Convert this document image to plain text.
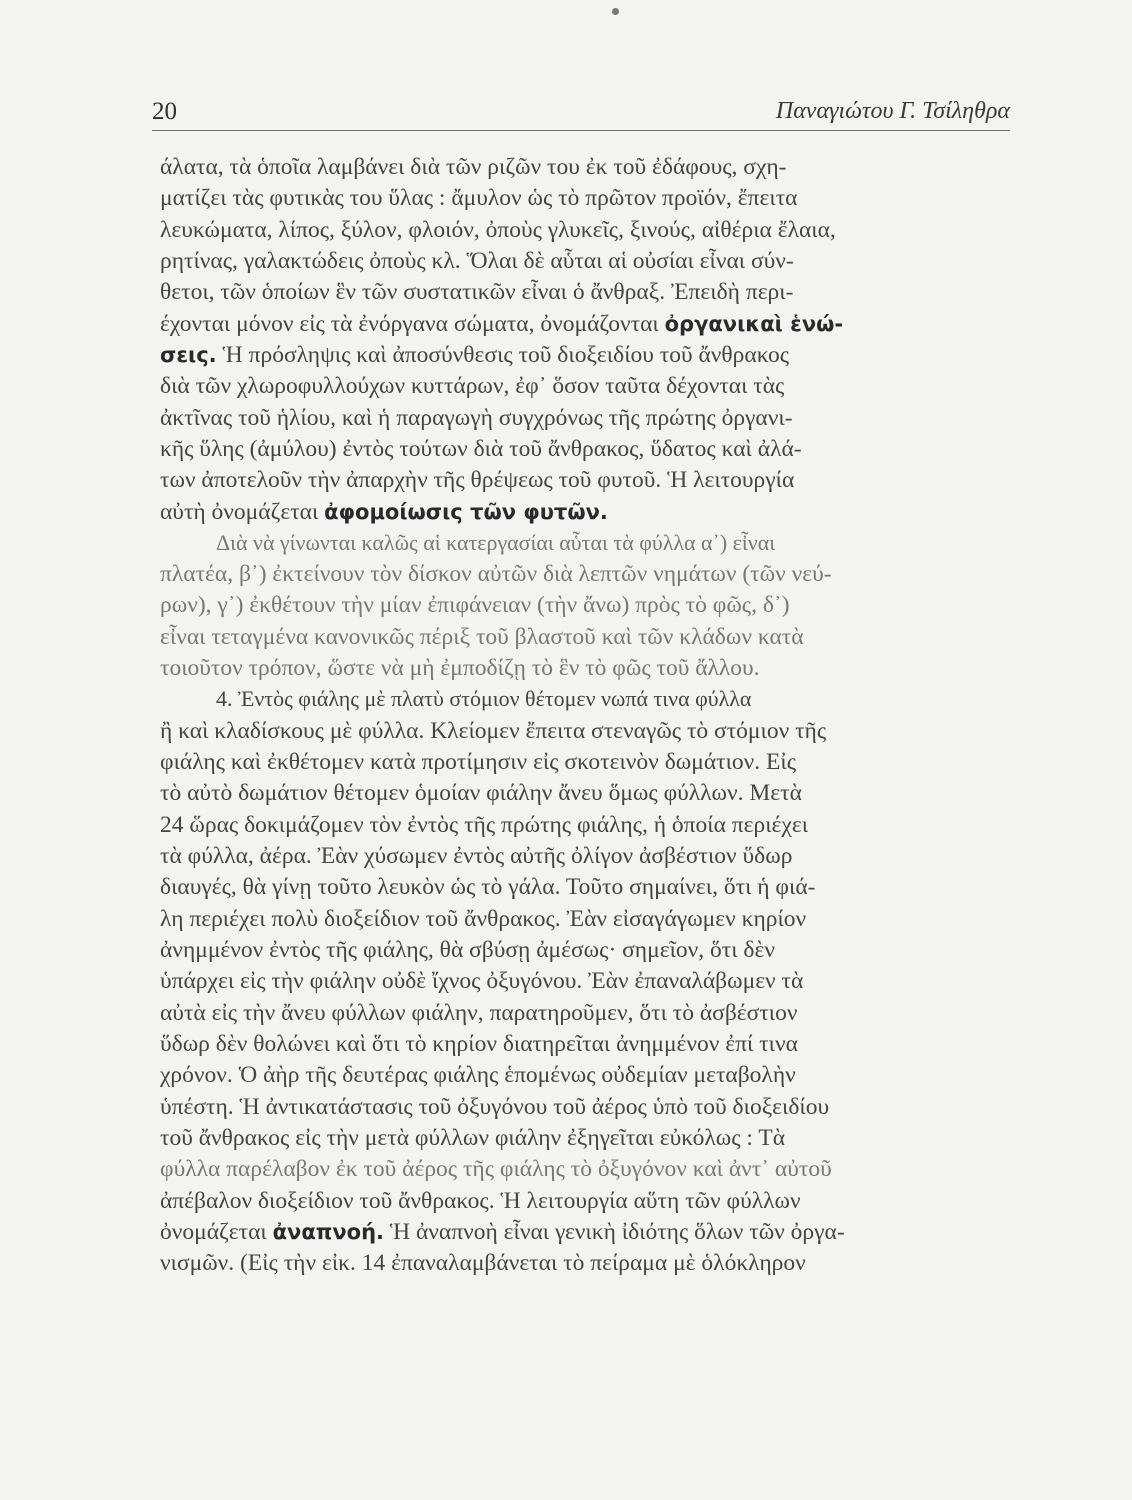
20	Παναγιώτου Γ. Τσίληθρα
άλατα, τὰ ὁποῖα λαμβάνει διὰ τῶν ριζῶν του ἐκ τοῦ ἐδάφους, σχη-
ματίζει τὰς φυτικὰς του ὕλας : ἄμυλον ὡς τὸ πρῶτον προϊόν, ἔπειτα
λευκώματα, λίπος, ξύλον, φλοιόν, ὀποὺς γλυκεῖς, ξινούς, αἰθέρια ἔλαια,
ρητίνας, γαλακτώδεις ὀποὺς κλ. Ὅλαι δὲ αὗται αἱ οὐσίαι εἶναι σύν-
θετοι, τῶν ὁποίων ἓν τῶν συστατικῶν εἶναι ὁ ἄνθραξ. Ἐπειδὴ περι-
έχονται μόνον εἰς τὰ ἐνόργανα σώματα, ὀνομάζονται ὀργανικαὶ ἑνώ-
σεις. Ἡ πρόσληψις καὶ ἀποσύνθεσις τοῦ διοξειδίου τοῦ ἄνθρακος
διὰ τῶν χλωροφυλλούχων κυττάρων, ἐφ᾽ ὅσον ταῦτα δέχονται τὰς
ἀκτῖνας τοῦ ἡλίου, καὶ ἡ παραγωγὴ συγχρόνως τῆς πρώτης ὀργανι-
κῆς ὕλης (ἀμύλου) ἐντὸς τούτων διὰ τοῦ ἄνθρακος, ὕδατος καὶ ἀλά-
των ἀποτελοῦν τὴν ἀπαρχὴν τῆς θρέψεως τοῦ φυτοῦ. Ἡ λειτουργία
αὐτὴ ὀνομάζεται ἀφομοίωσις τῶν φυτῶν.
Διὰ νὰ γίνωνται καλῶς αἱ κατεργασίαι αὗται τὰ φύλλα α᾽) εἶναι
πλατέα, β᾽) ἐκτείνουν τὸν δίσκον αὐτῶν διὰ λεπτῶν νημάτων (τῶν νεύ-
ρων), γ᾽) ἐκθέτουν τὴν μίαν ἐπιφάνειαν (τὴν ἄνω) πρὸς τὸ φῶς, δ᾽)
εἶναι τεταγμένα κανονικῶς πέριξ τοῦ βλαστοῦ καὶ τῶν κλάδων κατὰ
τοιοῦτον τρόπον, ὥστε νὰ μὴ ἐμποδίζῃ τὸ ἓν τὸ φῶς τοῦ ἄλλου.
4. Ἐντὸς φιάλης μὲ πλατὺ στόμιον θέτομεν νωπά τινα φύλλα
ἢ καὶ κλαδίσκους μὲ φύλλα. Κλείομεν ἔπειτα στεναγῶς τὸ στόμιον τῆς
φιάλης καὶ ἐκθέτομεν κατὰ προτίμησιν εἰς σκοτεινὸν δωμάτιον. Εἰς
τὸ αὐτὸ δωμάτιον θέτομεν ὁμοίαν φιάλην ἄνευ ὅμως φύλλων. Μετὰ
24 ὥρας δοκιμάζομεν τὸν ἐντὸς τῆς πρώτης φιάλης, ἡ ὁποία περιέχει
τὰ φύλλα, ἀέρα. Ἐὰν χύσωμεν ἐντὸς αὐτῆς ὀλίγον ἀσβέστιον ὕδωρ
διαυγές, θὰ γίνῃ τοῦτο λευκὸν ὡς τὸ γάλα. Τοῦτο σημαίνει, ὅτι ἡ φιά-
λη περιέχει πολὺ διοξείδιον τοῦ ἄνθρακος. Ἐὰν εἰσαγάγωμεν κηρίον
ἀνημμένον ἐντὸς τῆς φιάλης, θὰ σβύσῃ ἀμέσως· σημεῖον, ὅτι δὲν
ὑπάρχει εἰς τὴν φιάλην οὐδὲ ἴχνος ὀξυγόνου. Ἐὰν ἐπαναλάβωμεν τὰ
αὐτὰ εἰς τὴν ἄνευ φύλλων φιάλην, παρατηροῦμεν, ὅτι τὸ ἀσβέστιον
ὕδωρ δὲν θολώνει καὶ ὅτι τὸ κηρίον διατηρεῖται ἀνημμένον ἐπί τινα
χρόνον. Ὁ ἀὴρ τῆς δευτέρας φιάλης ἑπομένως οὐδεμίαν μεταβολὴν
ὑπέστη. Ἡ ἀντικατάστασις τοῦ ὀξυγόνου τοῦ ἀέρος ὑπὸ τοῦ διοξειδίου
τοῦ ἄνθρακος εἰς τὴν μετὰ φύλλων φιάλην ἐξηγεῖται εὐκόλως : Τὰ
φύλλα παρέλαβον ἐκ τοῦ ἀέρος τῆς φιάλης τὸ ὀξυγόνον καὶ ἀντ᾽ αὐτοῦ
ἀπέβαλον διοξείδιον τοῦ ἄνθρακος. Ἡ λειτουργία αὕτη τῶν φύλλων
ὀνομάζεται ἀναπνοή. Ἡ ἀναπνοὴ εἶναι γενικὴ ἰδιότης ὅλων τῶν ὀργα-
νισμῶν. (Εἰς τὴν εἰκ. 14 ἐπαναλαμβάνεται τὸ πείραμα μὲ ὁλόκληρον
